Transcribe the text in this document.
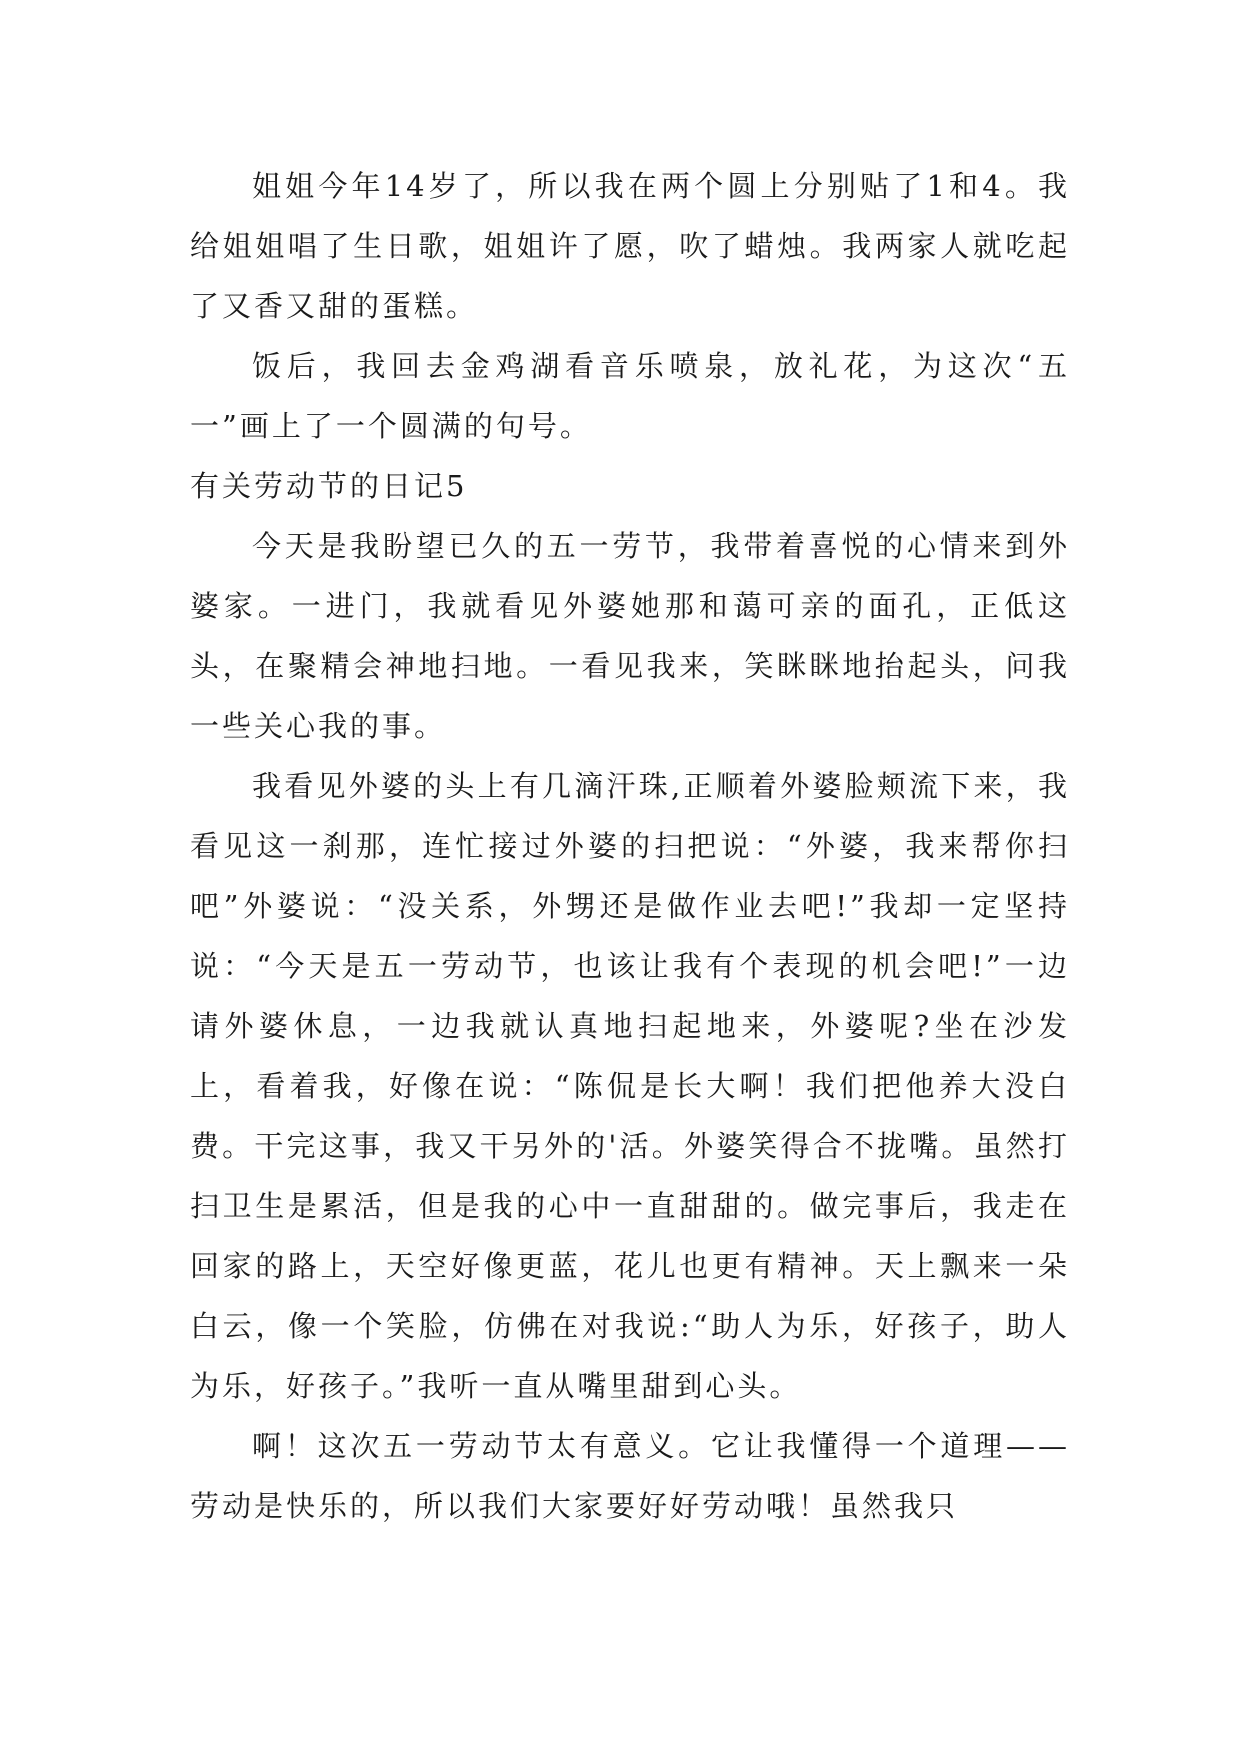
姐姐今年14岁了，所以我在两个圆上分别贴了1和4。我给姐姐唱了生日歌，姐姐许了愿，吹了蜡烛。我两家人就吃起了又香又甜的蛋糕。

饭后，我回去金鸡湖看音乐喷泉，放礼花，为这次“五一”画上了一个圆满的句号。

有关劳动节的日记5

今天是我盼望已久的五一劳节，我带着喜悦的心情来到外婆家。一进门，我就看见外婆她那和蔼可亲的面孔，正低这头，在聚精会神地扫地。一看见我来，笑眯眯地抬起头，问我一些关心我的事。

我看见外婆的头上有几滴汗珠,正顺着外婆脸颊流下来，我看见这一刹那，连忙接过外婆的扫把说：“外婆，我来帮你扫吧”外婆说：“没关系，外甥还是做作业去吧!”我却一定坚持说：“今天是五一劳动节，也该让我有个表现的机会吧!”一边请外婆休息，一边我就认真地扫起地来，外婆呢?坐在沙发上，看着我，好像在说：“陈侃是长大啊！我们把他养大没白费。干完这事，我又干另外的'活。外婆笑得合不拢嘴。虽然打扫卫生是累活，但是我的心中一直甜甜的。做完事后，我走在回家的路上，天空好像更蓝，花儿也更有精神。天上飘来一朵白云，像一个笑脸，仿佛在对我说:“助人为乐，好孩子，助人为乐，好孩子。”我听一直从嘴里甜到心头。

啊！这次五一劳动节太有意义。它让我懂得一个道理——劳动是快乐的，所以我们大家要好好劳动哦！虽然我只
